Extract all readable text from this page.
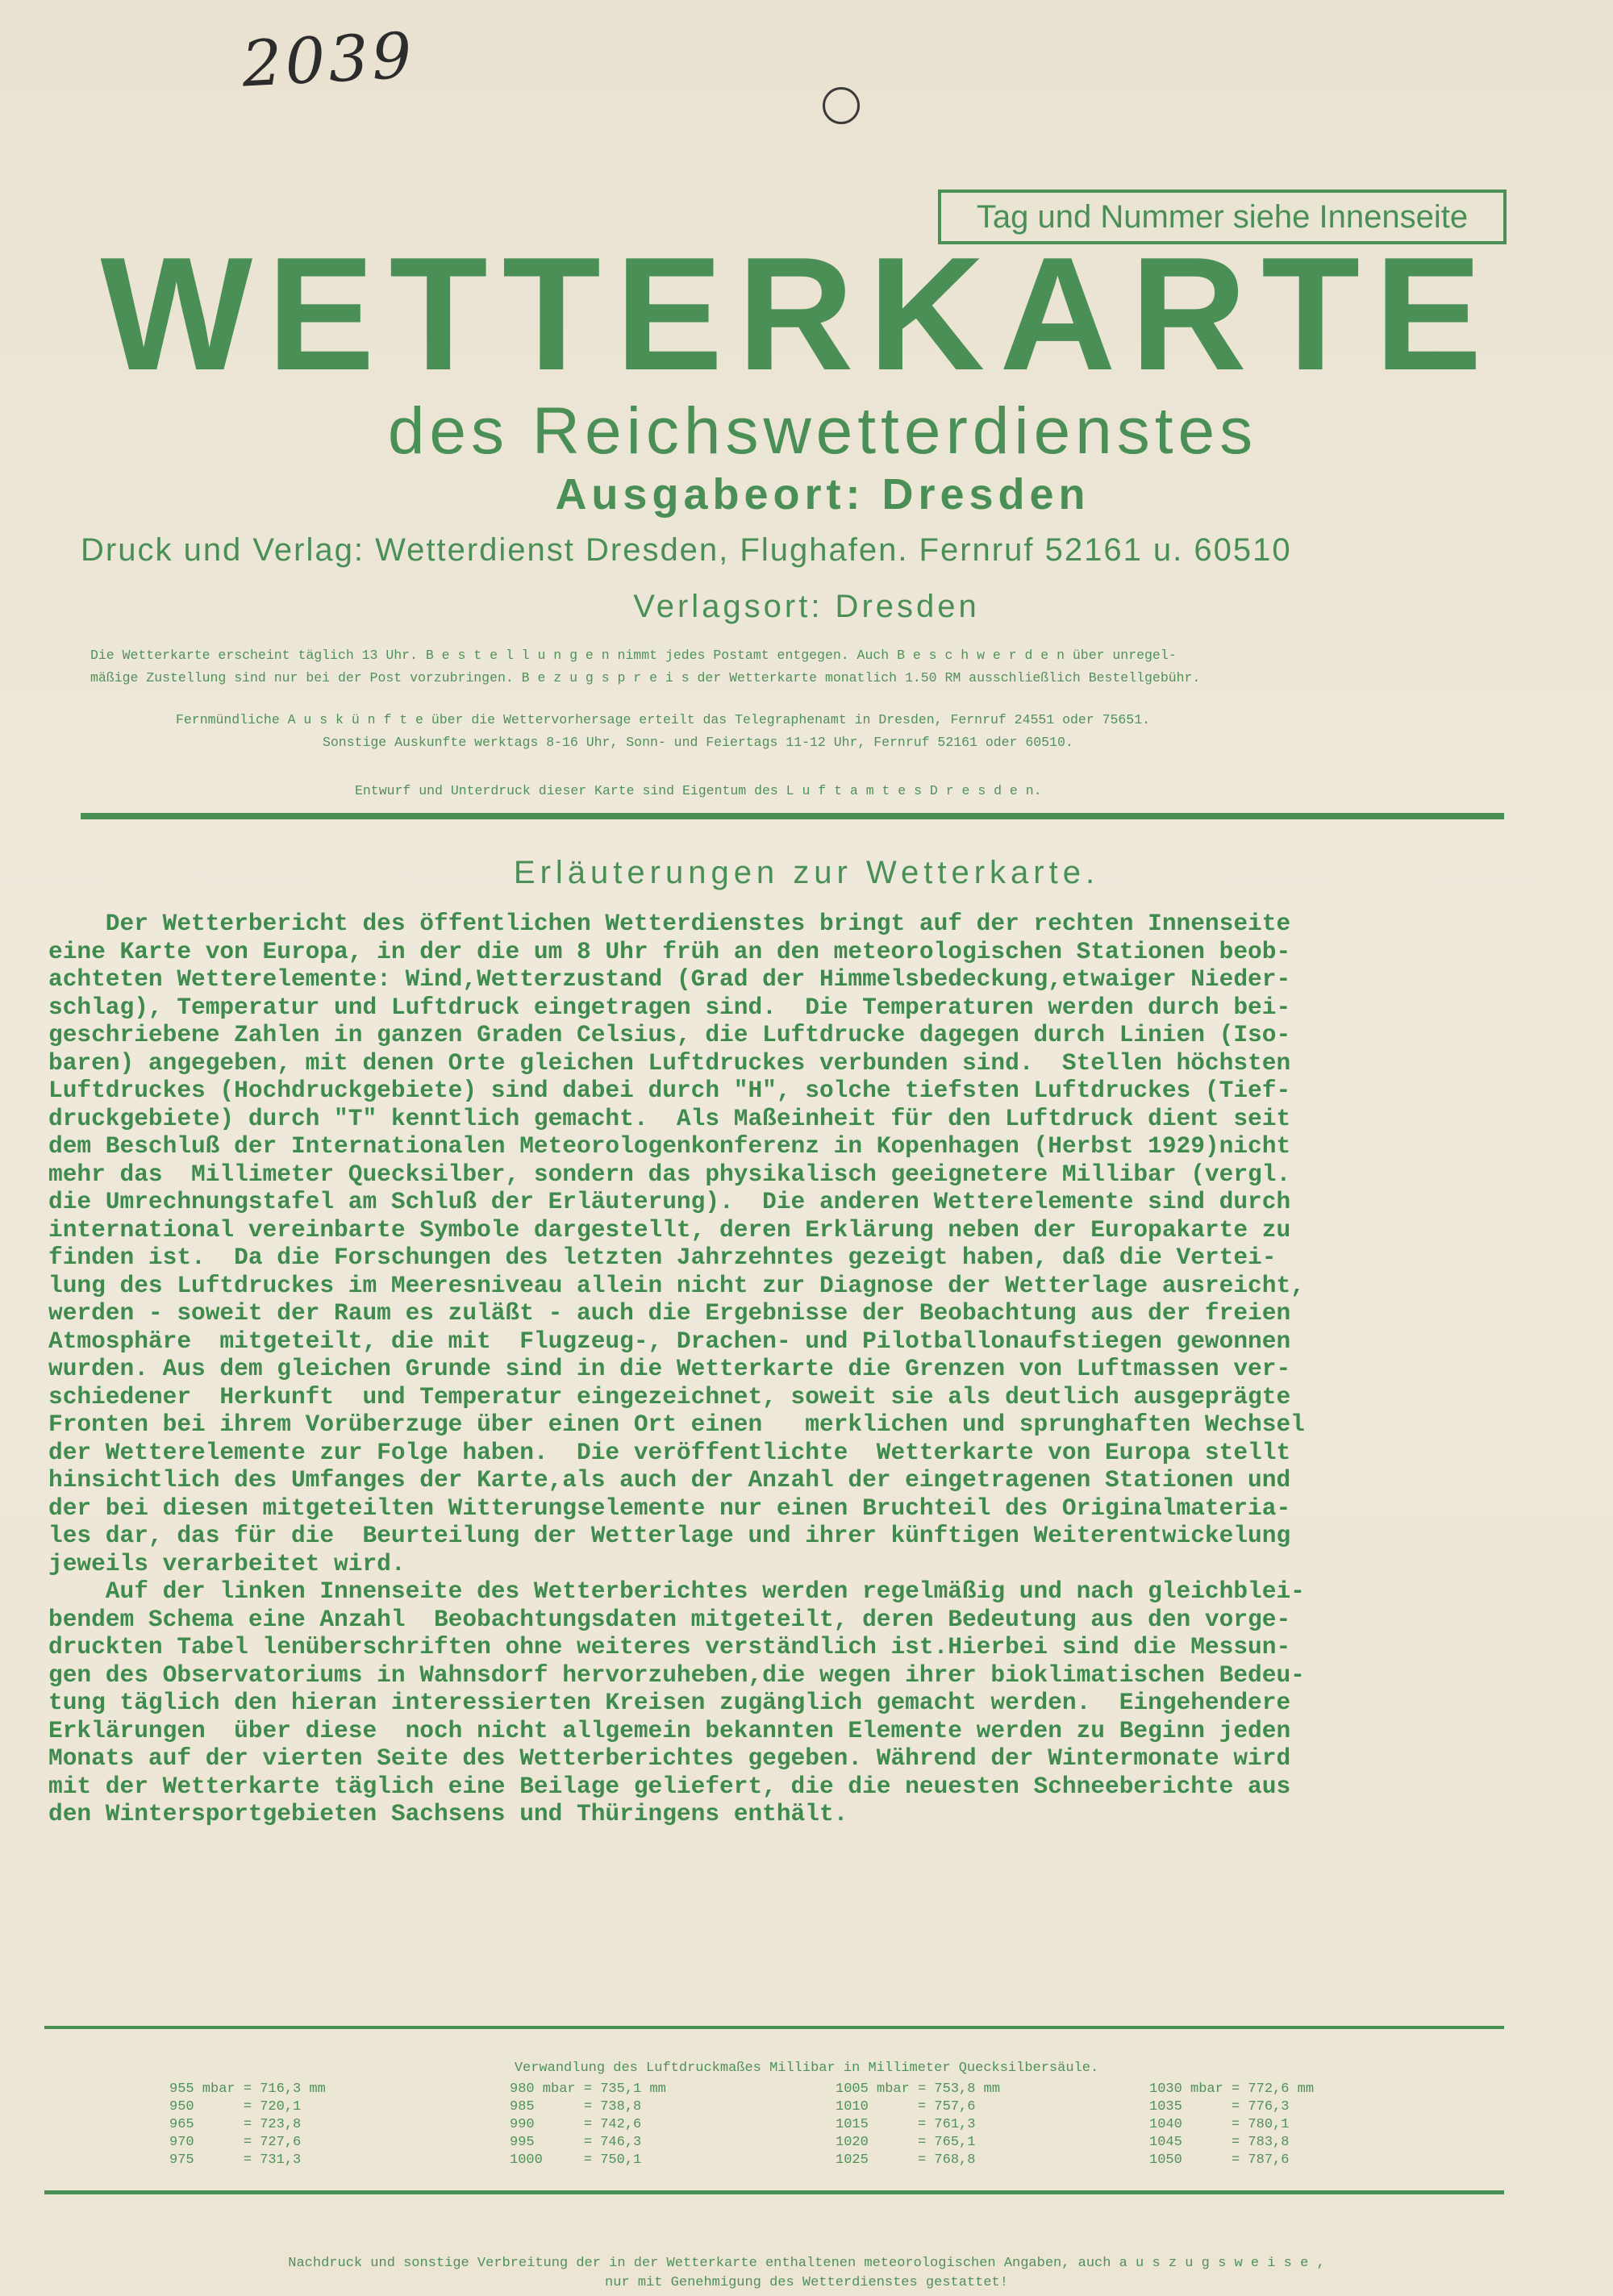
2039
Tag und Nummer siehe Innenseite
WETTERKARTE
des Reichswetterdienstes
Ausgabeort: Dresden
Druck und Verlag: Wetterdienst Dresden, Flughafen. Fernruf 52161 u. 60510
Verlagsort: Dresden
Die Wetterkarte erscheint täglich 13 Uhr. B e s t e l l u n g e n nimmt jedes Postamt entgegen. Auch B e s c h w e r d e n über unregel-
mäßige Zustellung sind nur bei der Post vorzubringen. B e z u g s p r e i s der Wetterkarte monatlich 1.50 RM ausschließlich Bestellgebühr.
Fernmündliche A u s k ü n f t e über die Wettervorhersage erteilt das Telegraphenamt in Dresden, Fernruf 24551 oder 75651.
Sonstige Auskunfte werktags 8-16 Uhr, Sonn- und Feiertags 11-12 Uhr, Fernruf 52161 oder 60510.
Entwurf und Unterdruck dieser Karte sind Eigentum des L u f t a m t e s D r e s d e n.
Erläuterungen zur Wetterkarte.
Der Wetterbericht des öffentlichen Wetterdienstes bringt auf der rechten Innenseite
eine Karte von Europa, in der die um 8 Uhr früh an den meteorologischen Stationen beob-
achteten Wetterelemente: Wind,Wetterzustand (Grad der Himmelsbedeckung,etwaiger Nieder-
schlag), Temperatur und Luftdruck eingetragen sind.  Die Temperaturen werden durch bei-
geschriebene Zahlen in ganzen Graden Celsius, die Luftdrucke dagegen durch Linien (Iso-
baren) angegeben, mit denen Orte gleichen Luftdruckes verbunden sind.  Stellen höchsten
Luftdruckes (Hochdruckgebiete) sind dabei durch "H", solche tiefsten Luftdruckes (Tief-
druckgebiete) durch "T" kenntlich gemacht.  Als Maßeinheit für den Luftdruck dient seit
dem Beschluß der Internationalen Meteorologenkonferenz in Kopenhagen (Herbst 1929)nicht
mehr das  Millimeter Quecksilber, sondern das physikalisch geeignetere Millibar (vergl.
die Umrechnungstafel am Schluß der Erläuterung).  Die anderen Wetterelemente sind durch
international vereinbarte Symbole dargestellt, deren Erklärung neben der Europakarte zu
finden ist.  Da die Forschungen des letzten Jahrzehntes gezeigt haben, daß die Vertei-
lung des Luftdruckes im Meeresniveau allein nicht zur Diagnose der Wetterlage ausreicht,
werden - soweit der Raum es zuläßt - auch die Ergebnisse der Beobachtung aus der freien
Atmosphäre  mitgeteilt, die mit  Flugzeug-, Drachen- und Pilotballonaufstiegen gewonnen
wurden. Aus dem gleichen Grunde sind in die Wetterkarte die Grenzen von Luftmassen ver-
schiedener  Herkunft  und Temperatur eingezeichnet, soweit sie als deutlich ausgeprägte
Fronten bei ihrem Vorüberzuge über einen Ort einen   merklichen und sprunghaften Wechsel
der Wetterelemente zur Folge haben.  Die veröffentlichte  Wetterkarte von Europa stellt
hinsichtlich des Umfanges der Karte,als auch der Anzahl der eingetragenen Stationen und
der bei diesen mitgeteilten Witterungselemente nur einen Bruchteil des Originalmateria-
les dar, das für die  Beurteilung der Wetterlage und ihrer künftigen Weiterentwickelung
jeweils verarbeitet wird.
Auf der linken Innenseite des Wetterberichtes werden regelmäßig und nach gleichblei-
bendem Schema eine Anzahl  Beobachtungsdaten mitgeteilt, deren Bedeutung aus den vorge-
druckten Tabel lenüberschriften ohne weiteres verständlich ist.Hierbei sind die Messun-
gen des Observatoriums in Wahnsdorf hervorzuheben,die wegen ihrer bioklimatischen Bedeu-
tung täglich den hieran interessierten Kreisen zugänglich gemacht werden.  Eingehendere
Erklärungen  über diese  noch nicht allgemein bekannten Elemente werden zu Beginn jeden
Monats auf der vierten Seite des Wetterberichtes gegeben. Während der Wintermonate wird
mit der Wetterkarte täglich eine Beilage geliefert, die die neuesten Schneeberichte aus
den Wintersportgebieten Sachsens und Thüringens enthält.
Verwandlung des Luftdruckmaßes Millibar in Millimeter Quecksilbersäule.
955 mbar = 716,3 mm
950      = 720,1
965      = 723,8
970      = 727,6
975      = 731,3
980 mbar = 735,1 mm
985      = 738,8
990      = 742,6
995      = 746,3
1000     = 750,1
1005 mbar = 753,8 mm
1010      = 757,6
1015      = 761,3
1020      = 765,1
1025      = 768,8
1030 mbar = 772,6 mm
1035      = 776,3
1040      = 780,1
1045      = 783,8
1050      = 787,6
Nachdruck und sonstige Verbreitung der in der Wetterkarte enthaltenen meteorologischen Angaben, auch a u s z u g s w e i s e ,
nur mit Genehmigung des Wetterdienstes gestattet!
